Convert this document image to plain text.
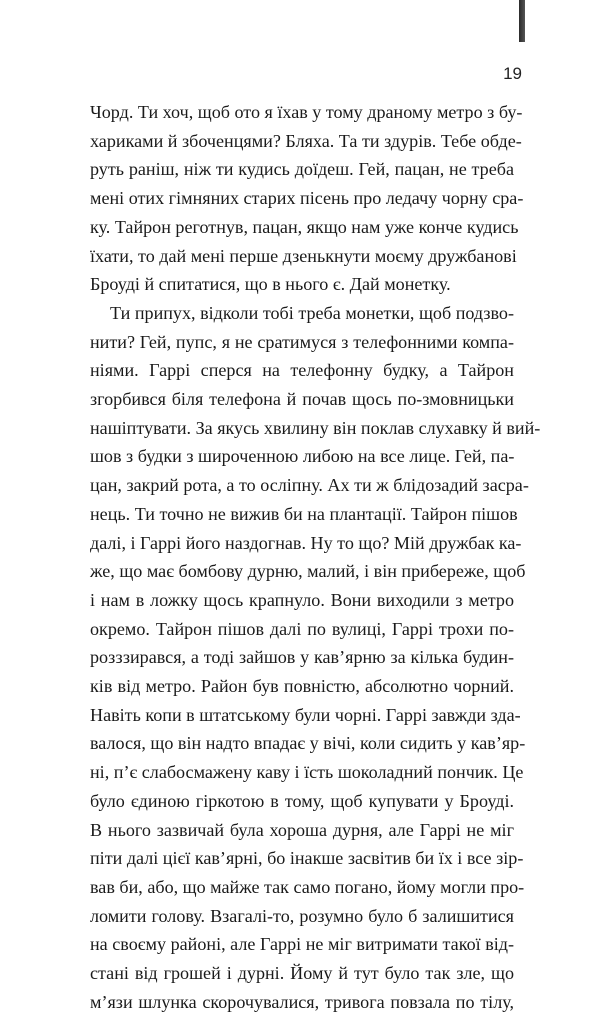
19

Чорд. Ти хоч, щоб ото я їхав у тому драному метро з бу-
хариками й збоченцями? Бляха. Та ти здурів. Тебе обде-
руть раніш, ніж ти кудись доїдеш. Гей, пацан, не треба
мені отих гімняних старих пісень про ледачу чорну сра-
ку. Тайрон реготнув, пацан, якщо нам уже конче кудись
їхати, то дай мені перше дзенькнути моєму дружбанові
Броуді й спитатися, що в нього є. Дай монетку.

Ти припух, відколи тобі треба монетки, щоб подзво-
нити? Гей, пупс, я не сратимуся з телефонними компа-
ніями. Гаррі сперся на телефонну будку, а Тайрон
згорбився біля телефона й почав щось по-змовницьки
нашіптувати. За якусь хвилину він поклав слухавку й вий-
шов з будки з широченною либою на все лице. Гей, па-
цан, закрий рота, а то осліпну. Ах ти ж блідозадий засра-
нець. Ти точно не вижив би на плантації. Тайрон пішов
далі, і Гаррі його наздогнав. Ну то що? Мій дружбак ка-
же, що має бомбову дурню, малий, і він прибереже, щоб
і нам в ложку щось крапнуло. Вони виходили з метро
окремо. Тайрон пішов далі по вулиці, Гаррі трохи по-
розззирався, а тоді зайшов у кав’ярню за кілька будин-
ків від метро. Район був повністю, абсолютно чорний.
Навіть копи в штатському були чорні. Гаррі завжди зда-
валося, що він надто впадає у вічі, коли сидить у кав’яр-
ні, п’є слабосмажену каву і їсть шоколадний пончик. Це
було єдиною гіркотою в тому, щоб купувати у Броуді.
В нього зазвичай була хороша дурня, але Гаррі не міг
піти далі цієї кав’ярні, бо інакше засвітив би їх і все зір-
вав би, або, що майже так само погано, йому могли про-
ломити голову. Взагалі-то, розумно було б залишитися
на своєму районі, але Гаррі не міг витримати такої від-
стані від грошей і дурні. Йому й тут було так зле, що
м’язи шлунка скорочувалися, тривога повзала по тілу,
